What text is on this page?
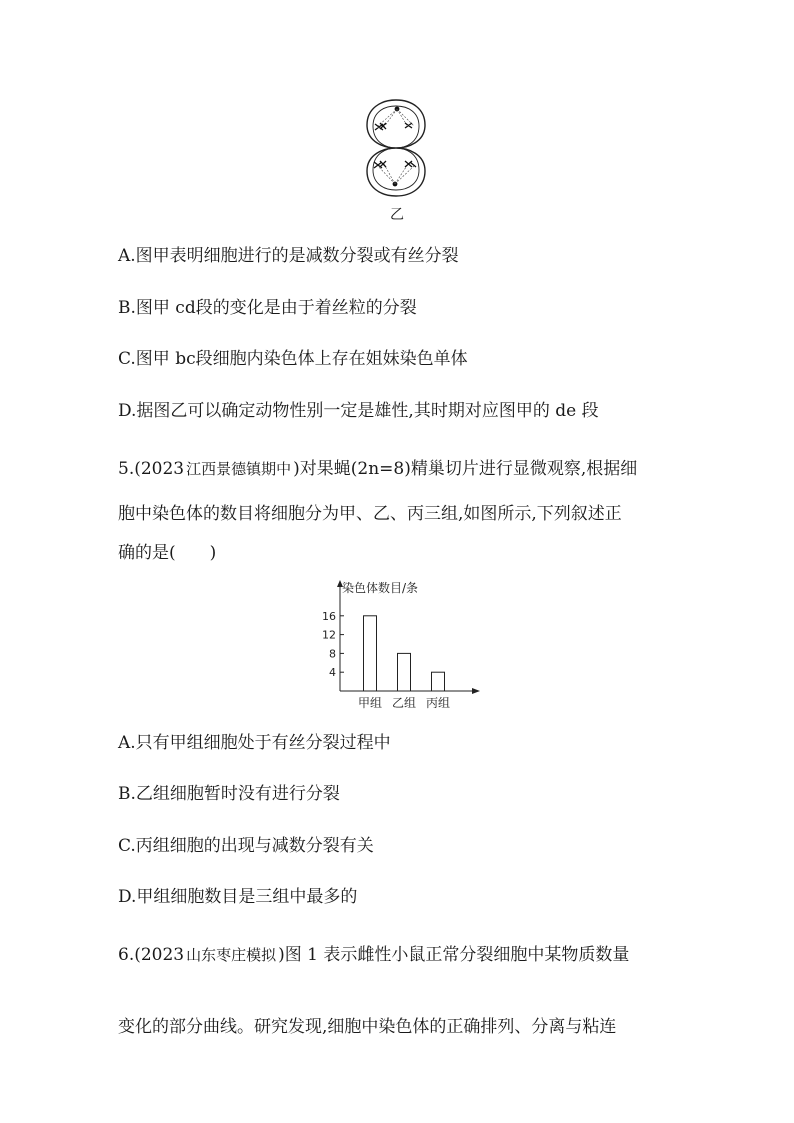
乙
A.图甲表明细胞进行的是减数分裂或有丝分裂
B.图甲 cd段的变化是由于着丝粒的分裂
C.图甲 bc段细胞内染色体上存在姐妹染色单体
D.据图乙可以确定动物性别一定是雄性,其时期对应图甲的 de 段
5.(2023 江西景德镇期中 )对果蝇(2n=8)精巢切片进行显微观察,根据细
胞中染色体的数目将细胞分为甲、乙、丙三组,如图所示,下列叙述正
确的是(　　)
染色体数目/条
4
8
12
16
甲组 乙组 丙组
A.只有甲组细胞处于有丝分裂过程中
B.乙组细胞暂时没有进行分裂
C.丙组细胞的出现与减数分裂有关
D.甲组细胞数目是三组中最多的
6.(2023 山东枣庄模拟 )图 1 表示雌性小鼠正常分裂细胞中某物质数量
变化的部分曲线。研究发现,细胞中染色体的正确排列、分离与粘连
